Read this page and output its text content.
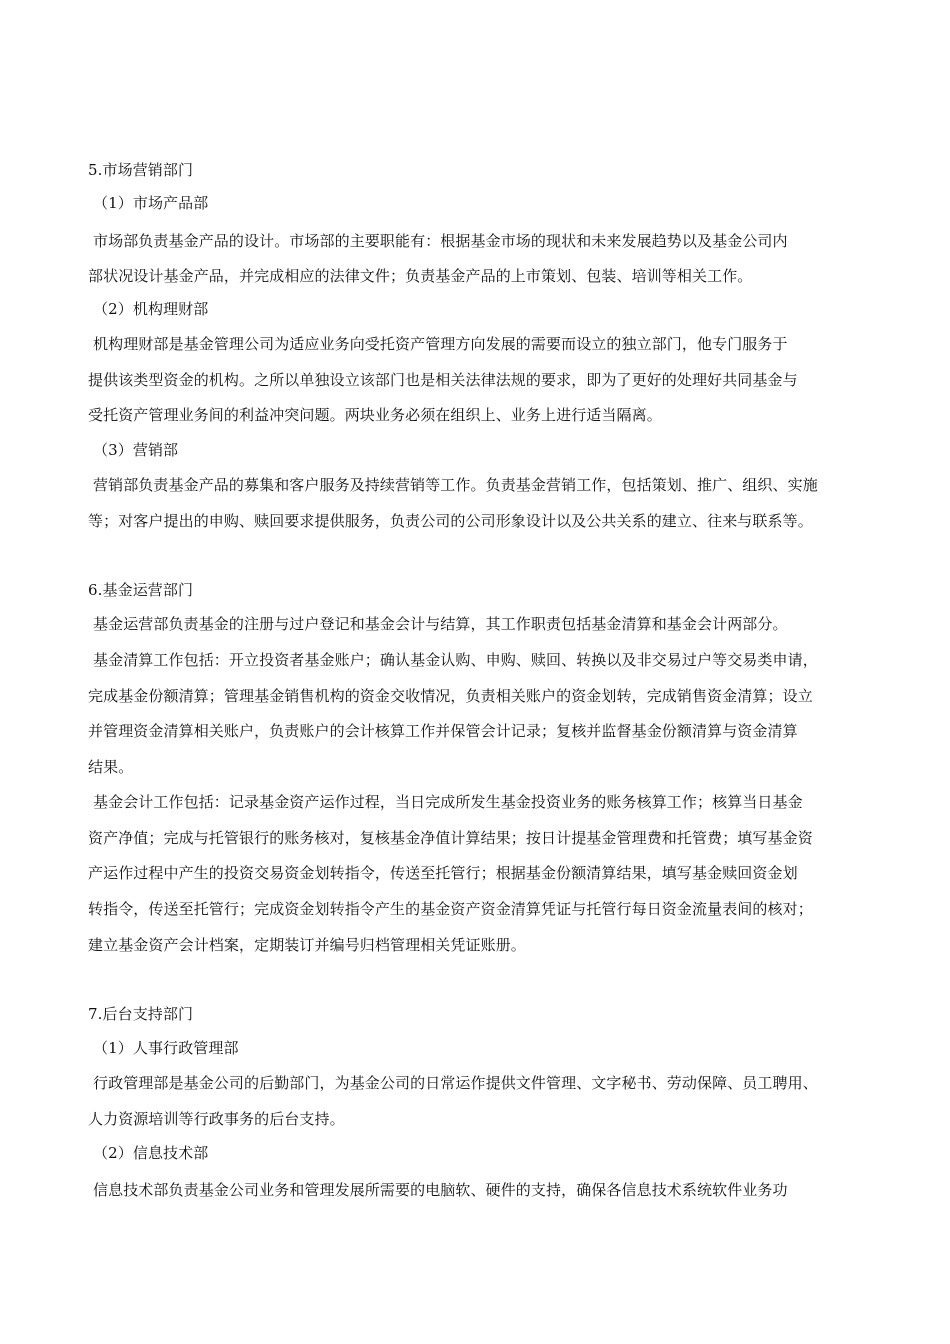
5.市场营销部门
（1）市场产品部
市场部负责基金产品的设计。市场部的主要职能有：根据基金市场的现状和未来发展趋势以及基金公司内
部状况设计基金产品，并完成相应的法律文件；负责基金产品的上市策划、包装、培训等相关工作。
（2）机构理财部
机构理财部是基金管理公司为适应业务向受托资产管理方向发展的需要而设立的独立部门，他专门服务于
提供该类型资金的机构。之所以单独设立该部门也是相关法律法规的要求，即为了更好的处理好共同基金与
受托资产管理业务间的利益冲突问题。两块业务必须在组织上、业务上进行适当隔离。
（3）营销部
营销部负责基金产品的募集和客户服务及持续营销等工作。负责基金营销工作，包括策划、推广、组织、实施
等；对客户提出的申购、赎回要求提供服务，负责公司的公司形象设计以及公共关系的建立、往来与联系等。
6.基金运营部门
基金运营部负责基金的注册与过户登记和基金会计与结算，其工作职责包括基金清算和基金会计两部分。
基金清算工作包括：开立投资者基金账户；确认基金认购、申购、赎回、转换以及非交易过户等交易类申请，
完成基金份额清算；管理基金销售机构的资金交收情况，负责相关账户的资金划转，完成销售资金清算；设立
并管理资金清算相关账户，负责账户的会计核算工作并保管会计记录；复核并监督基金份额清算与资金清算
结果。
基金会计工作包括：记录基金资产运作过程，当日完成所发生基金投资业务的账务核算工作；核算当日基金
资产净值；完成与托管银行的账务核对，复核基金净值计算结果；按日计提基金管理费和托管费；填写基金资
产运作过程中产生的投资交易资金划转指令，传送至托管行；根据基金份额清算结果，填写基金赎回资金划
转指令，传送至托管行；完成资金划转指令产生的基金资产资金清算凭证与托管行每日资金流量表间的核对；
建立基金资产会计档案，定期装订并编号归档管理相关凭证账册。
7.后台支持部门
（1）人事行政管理部
行政管理部是基金公司的后勤部门，为基金公司的日常运作提供文件管理、文字秘书、劳动保障、员工聘用、
人力资源培训等行政事务的后台支持。
（2）信息技术部
信息技术部负责基金公司业务和管理发展所需要的电脑软、硬件的支持，确保各信息技术系统软件业务功
